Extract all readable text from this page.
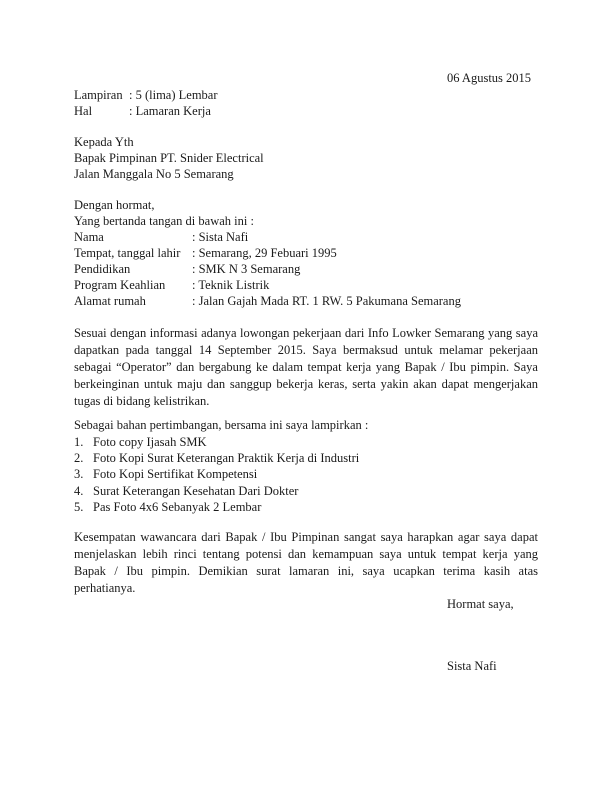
06 Agustus 2015
Lampiran : 5 (lima) Lembar
Hal	: Lamaran Kerja
Kepada Yth
Bapak Pimpinan PT. Snider Electrical
Jalan Manggala No 5 Semarang
Dengan hormat,
Yang bertanda tangan di bawah ini :
Nama	: Sista Nafi
Tempat, tanggal lahir : Semarang, 29 Febuari 1995
Pendidikan	: SMK N 3 Semarang
Program Keahlian : Teknik Listrik
Alamat rumah	: Jalan Gajah Mada RT. 1 RW. 5 Pakumana Semarang
Sesuai dengan informasi adanya lowongan pekerjaan dari Info Lowker Semarang yang saya dapatkan pada tanggal 14 September 2015. Saya bermaksud untuk melamar pekerjaan sebagai “Operator” dan bergabung ke dalam tempat kerja yang Bapak / Ibu pimpin. Saya berkeinginan untuk maju dan sanggup bekerja keras, serta yakin akan dapat mengerjakan tugas di bidang kelistrikan.
Sebagai bahan pertimbangan, bersama ini saya lampirkan :
1. Foto copy Ijasah SMK
2. Foto Kopi Surat Keterangan Praktik Kerja di Industri
3. Foto Kopi Sertifikat Kompetensi
4. Surat Keterangan Kesehatan Dari Dokter
5. Pas Foto 4x6 Sebanyak 2 Lembar
Kesempatan wawancara dari Bapak / Ibu Pimpinan sangat saya harapkan agar saya dapat menjelaskan lebih rinci tentang potensi dan kemampuan saya untuk tempat kerja yang Bapak / Ibu pimpin. Demikian surat lamaran ini, saya ucapkan terima kasih atas perhatianya.
Hormat saya,
Sista Nafi
